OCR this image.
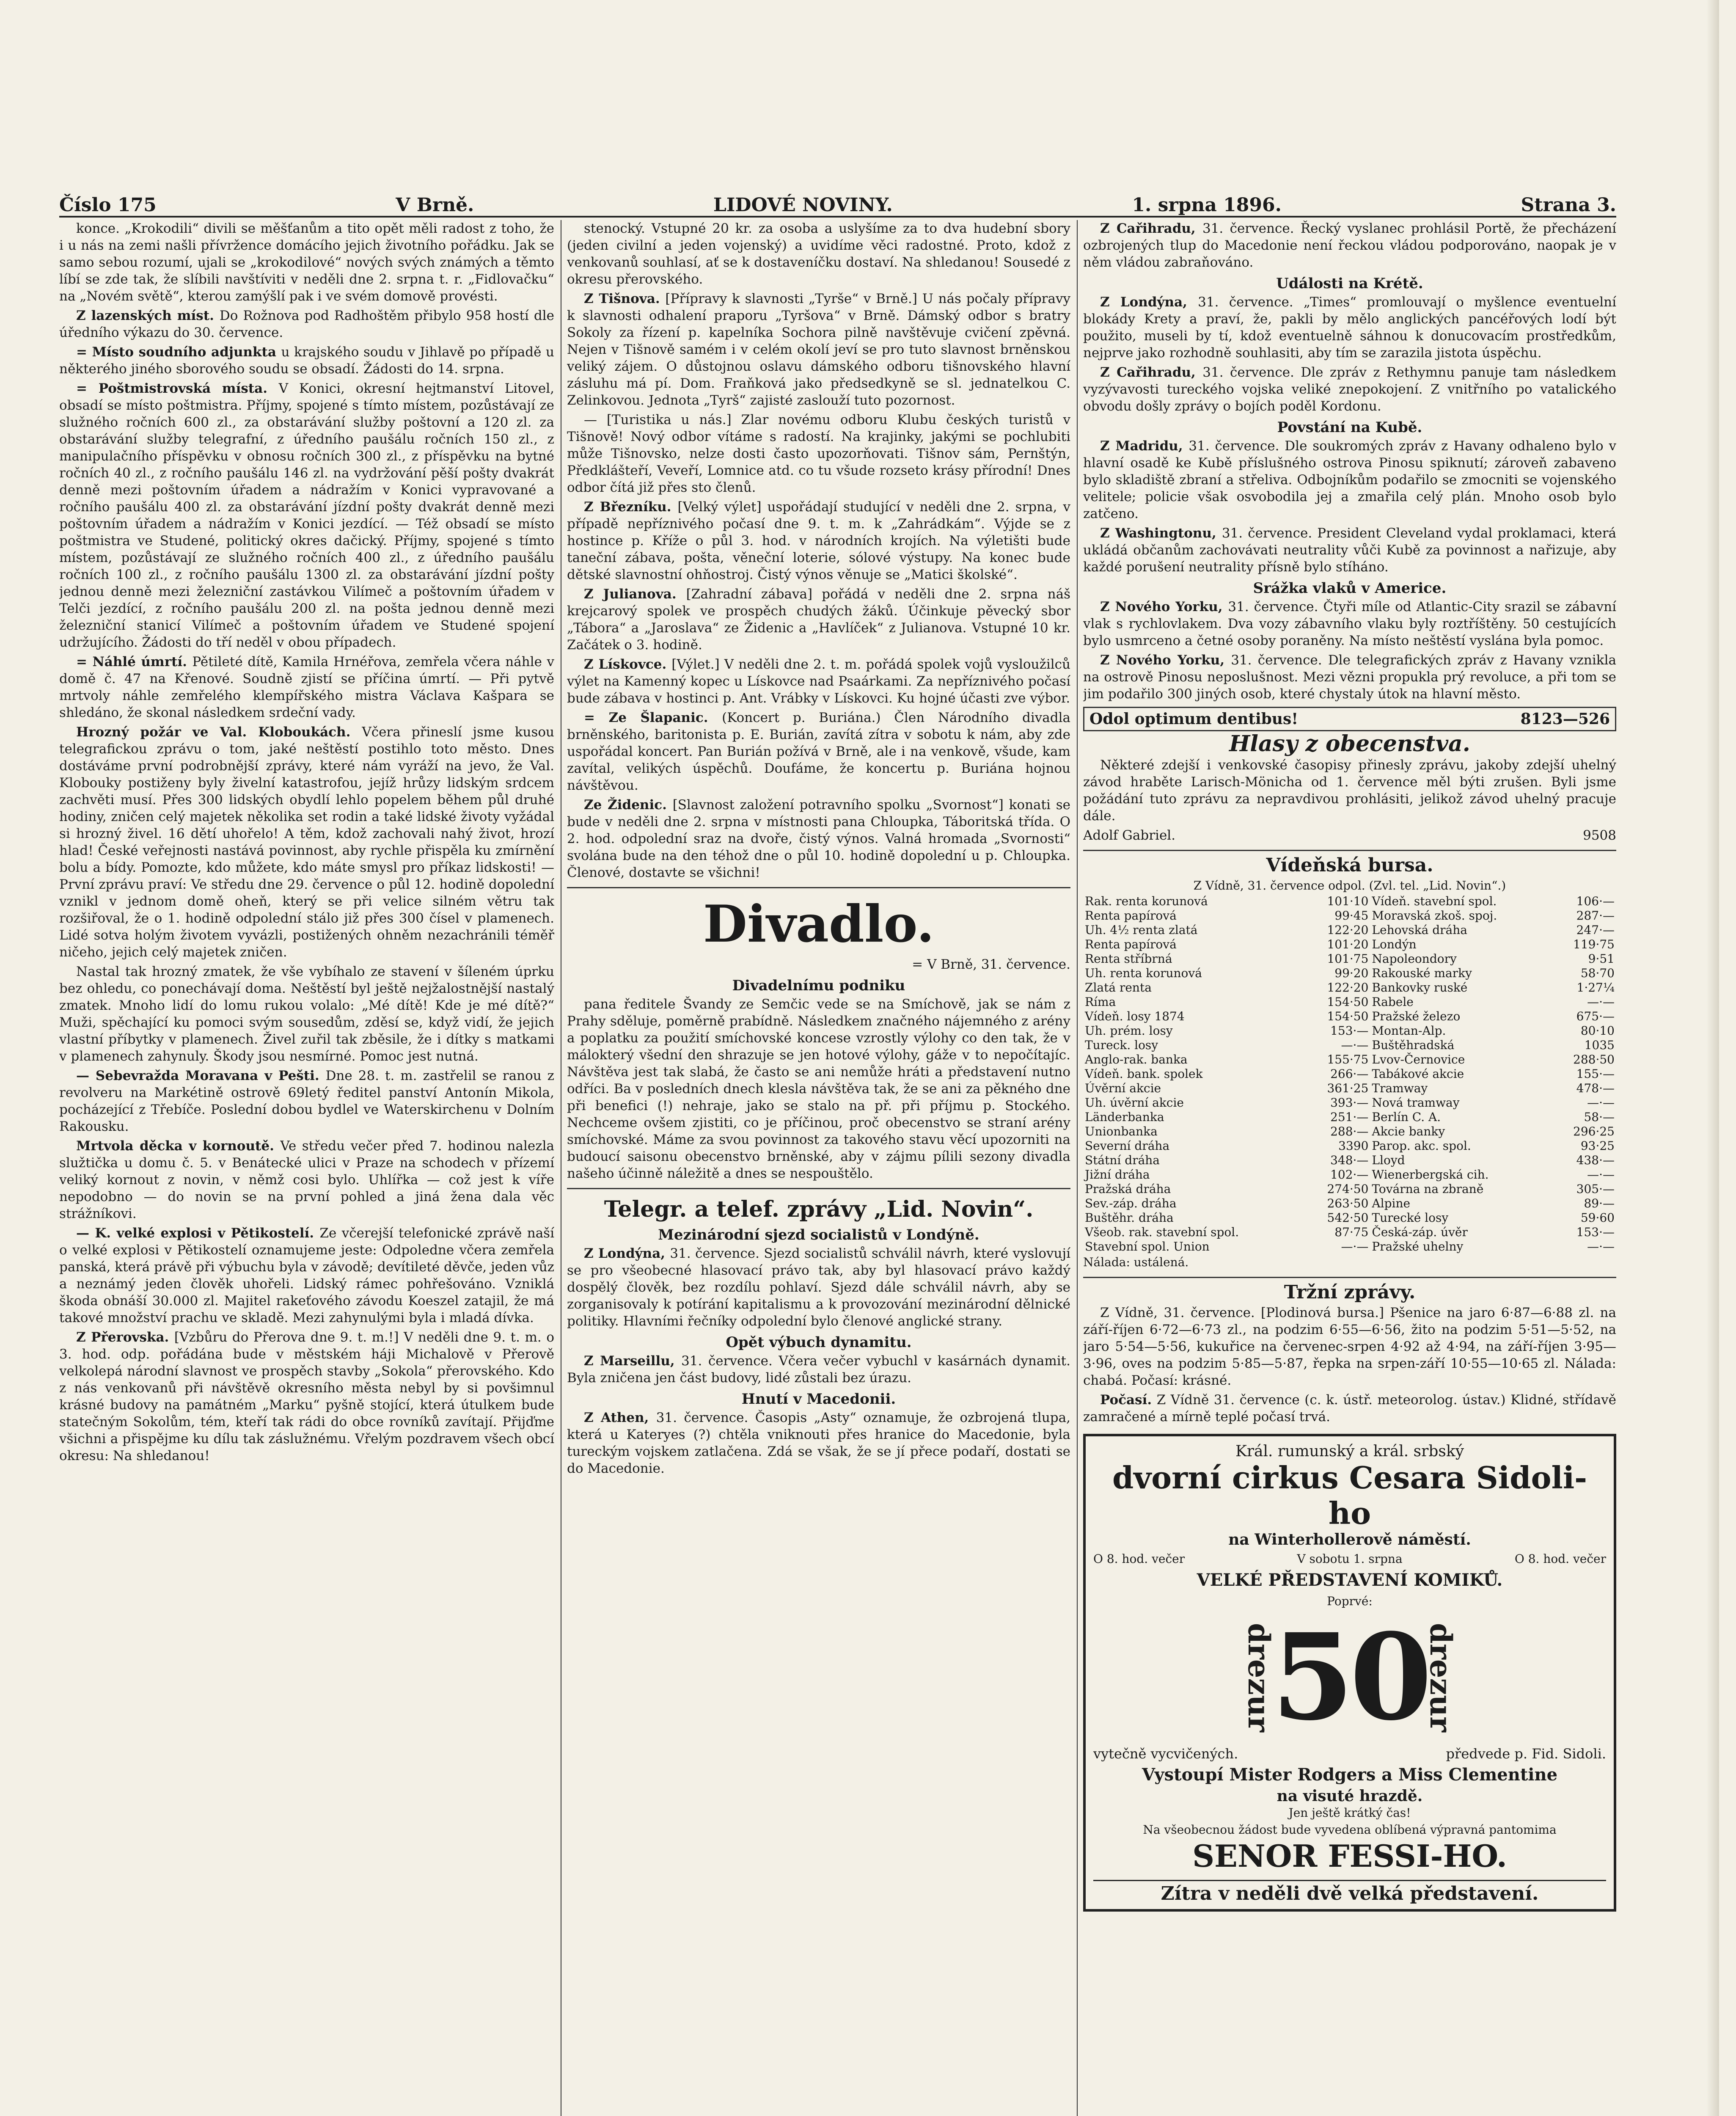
Číslo 175	V Brně.	LIDOVÉ NOVINY.	1. srpna 1896.	Strana 3.

konce. „Krokodili“ divili se měšťanům a tito opět měli radost z toho, že i u nás na zemi našli přívržence domácího jejich životního pořádku. Jak se samo sebou rozumí, ujali se „krokodilové“ nových svých známých a těmto líbí se zde tak, že slíbili navštíviti v neděli dne 2. srpna t. r. „Fidlovačku“ na „Novém světě“, kterou zamýšlí pak i ve svém domově provésti.

Z lazenských míst. Do Rožnova pod Radhoštěm přibylo 958 hostí dle úředního výkazu do 30. července.

= Místo soudního adjunkta u krajského soudu v Jihlavě po případě u některého jiného sborového soudu se obsadí. Žádosti do 14. srpna.

= Poštmistrovská místa. V Konici, okresní hejtmanství Litovel, obsadí se místo poštmistra. Příjmy, spojené s tímto místem, pozůstávají ze služného ročních 600 zl., za obstarávání služby poštovní a 120 zl. za obstarávání služby telegrafní, z úředního paušálu ročních 150 zl., z manipulačního příspěvku v obnosu ročních 300 zl., z příspěvku na bytné ročních 40 zl., z ročního paušálu 146 zl. na vydržování pěší pošty dvakrát denně mezi poštovním úřadem a nádražím v Konici vypravované a ročního paušálu 400 zl. za obstarávání jízdní pošty dvakrát denně mezi poštovním úřadem a nádražím v Konici jezdící. — Též obsadí se místo poštmistra ve Studené, politický okres dačický. Příjmy, spojené s tímto místem, pozůstávají ze služného ročních 400 zl., z úředního paušálu ročních 100 zl., z ročního paušálu 1300 zl. za obstarávání jízdní pošty jednou denně mezi železniční zastávkou Vilímeč a poštovním úřadem v Telči jezdící, z ročního paušálu 200 zl. na pošta jednou denně mezi železniční stanicí Vilímeč a poštovním úřadem ve Studené spojení udržujícího. Žádosti do tří neděl v obou případech.

= Náhlé úmrtí. Pětileté dítě, Kamila Hrnéřova, zemřela včera náhle v domě č. 47 na Křenové. Soudně zjistí se příčina úmrtí. — Při pytvě mrtvoly náhle zemřelého klempířského mistra Václava Kašpara se shledáno, že skonal následkem srdeční vady.

Hrozný požár ve Val. Kloboukách. Včera přineslí jsme kusou telegrafickou zprávu o tom, jaké neštěstí postihlo toto město. Dnes dostáváme první podrobnější zprávy, které nám vyráží na jevo, že Val. Klobouky postiženy byly živelní katastrofou, jejíž hrůzy lidským srdcem zachvěti musí. Přes 300 lidských obydlí lehlo popelem během půl druhé hodiny, zničen celý majetek několika set rodin a také lidské životy vyžádal si hrozný živel. 16 dětí uhořelo! A těm, kdož zachovali nahý život, hrozí hlad! České veřejnosti nastává povinnost, aby rychle přispěla ku zmírnění bolu a bídy. Pomozte, kdo můžete, kdo máte smysl pro příkaz lidskosti! — První zprávu praví: Ve středu dne 29. července o půl 12. hodině dopolední vznikl v jednom domě oheň, který se při velice silném větru tak rozšiřoval, že o 1. hodině odpolední stálo již přes 300 čísel v plamenech. Lidé sotva holým životem vyvázli, postižených ohněm nezachránili téměř ničeho, jejich celý majetek zničen.

Nastal tak hrozný zmatek, že vše vybíhalo ze stavení v šíleném úprku bez ohledu, co ponechávají doma. Neštěstí byl ještě nejžalostnější nastalý zmatek. Mnoho lidí do lomu rukou volalo: „Mé dítě! Kde je mé dítě?“ Muži, spěchající ku pomoci svým sousedům, zděsí se, když vidí, že jejich vlastní příbytky v plamenech. Živel zuřil tak zběsile, že i dítky s matkami v plamenech zahynuly. Škody jsou nesmírné. Pomoc jest nutná.

— Sebevražda Moravana v Pešti. Dne 28. t. m. zastřelil se ranou z revolveru na Markétině ostrově 69letý ředitel panství Antonín Mikola, pocházející z Třebíče. Poslední dobou bydlel ve Waterskirchenu v Dolním Rakousku.

Mrtvola děcka v kornoutě. Ve středu večer před 7. hodinou nalezla služtička u domu č. 5. v Benátecké ulici v Praze na schodech v přízemí veliký kornout z novin, v němž cosi bylo. Uhlířka — což jest k víře nepodobno — do novin se na první pohled a jiná žena dala věc strážníkovi.

— K. velké explosi v Pětikostelí. Ze včerejší telefonické zprávě naší o velké explosi v Pětikostelí oznamujeme jeste: Odpoledne včera zemřela panská, která právě při výbuchu byla v závodě; devítileté děvče, jeden vůz a neznámý jeden člověk uhořeli. Lidský rámec pohřešováno. Vzniklá škoda obnáší 30.000 zl. Majitel rakeťového závodu Koeszel zatajil, že má takové množství prachu ve skladě. Mezi zahynulými byla i mladá dívka.

Z Přerovska. [Vzbůru do Přerova dne 9. t. m.!] V neděli dne 9. t. m. o 3. hod. odp. pořádána bude v městském háji Michalově v Přerově velkolepá národní slavnost ve prospěch stavby „Sokola“ přerovského. Kdo z nás venkovanů při návštěvě okresního města nebyl by si povšimnul krásné budovy na památném „Marku“ pyšně stojící, která útulkem bude statečným Sokolům, tém, kteří tak rádi do obce rovníků zavítají. Přijďme všichni a přispějme ku dílu tak záslužnému. Vřelým pozdravem všech obcí okresu: Na shledanou!

stenocký. Vstupné 20 kr. za osoba a uslyšíme za to dva hudební sbory (jeden civilní a jeden vojenský) a uvidíme věci radostné. Proto, kdož z venkovanů souhlasí, ať se k dostaveníčku dostaví. Na shledanou! Sousedé z okresu přerovského.

Z Tišnova. [Přípravy k slavnosti „Tyrše“ v Brně.] U nás počaly přípravy k slavnosti odhalení praporu „Tyršova“ v Brně. Dámský odbor s bratry Sokoly za řízení p. kapelníka Sochora pilně navštěvuje cvičení zpěvná. Nejen v Tišnově samém i v celém okolí jeví se pro tuto slavnost brněnskou veliký zájem. O důstojnou oslavu dámského odboru tišnovského hlavní zásluhu má pí. Dom. Fraňková jako předsedkyně se sl. jednatelkou C. Zelinkovou. Jednota „Tyrš“ zajisté zaslouží tuto pozornost.

— [Turistika u nás.] Zlar novému odboru Klubu českých turistů v Tišnově! Nový odbor vítáme s radostí. Na krajinky, jakými se pochlubiti může Tišnovsko, nelze dosti často upozorňovati. Tišnov sám, Pernštýn, Předklášteří, Veveří, Lomnice atd. co tu všude rozseto krásy přírodní! Dnes odbor čítá již přes sto členů.

Z Březníku. [Velký výlet] uspořádají studující v neděli dne 2. srpna, v případě nepříznivého počasí dne 9. t. m. k „Zahrádkám“. Výjde se z hostince p. Kříže o půl 3. hod. v národních krojích. Na výletišti bude taneční zábava, pošta, věneční loterie, sólové výstupy. Na konec bude dětské slavnostní ohňostroj. Čistý výnos věnuje se „Matici školské“.

Z Julianova. [Zahradní zábava] pořádá v neděli dne 2. srpna náš krejcarový spolek ve prospěch chudých žáků. Účinkuje pěvecký sbor „Tábora“ a „Jaroslava“ ze Židenic a „Havlíček“ z Julianova. Vstupné 10 kr. Začátek o 3. hodině.

Z Lískovce. [Výlet.] V neděli dne 2. t. m. pořádá spolek vojů vysloužilců výlet na Kamenný kopec u Lískovce nad Psaárkami. Za nepříznivého počasí bude zábava v hostinci p. Ant. Vrábky v Lískovci. Ku hojné účasti zve výbor.

= Ze Šlapanic. (Koncert p. Buriána.) Člen Národního divadla brněnského, baritonista p. E. Burián, zavítá zítra v sobotu k nám, aby zde uspořádal koncert. Pan Burián požívá v Brně, ale i na venkově, všude, kam zavítal, velikých úspěchů. Doufáme, že koncertu p. Buriána hojnou návštěvou.

Ze Židenic. [Slavnost založení potravního spolku „Svornost“] konati se bude v neděli dne 2. srpna v místnosti pana Chloupka, Táboritská třída. O 2. hod. odpolední sraz na dvoře, čistý výnos. Valná hromada „Svornosti“ svolána bude na den téhož dne o půl 10. hodině dopolední u p. Chloupka. Členové, dostavte se všichni!

Divadlo.
= V Brně, 31. července.
Divadelnímu podniku

pana ředitele Švandy ze Semčic vede se na Smíchově, jak se nám z Prahy sděluje, poměrně prabídně. Následkem značného nájemného z arény a poplatku za použití smíchovské koncese vzrostly výlohy co den tak, že v málokterý všední den shrazuje se jen hotové výlohy, gáže v to nepočítajíc. Návštěva jest tak slabá, že často se ani nemůže hráti a představení nutno odříci. Ba v posledních dnech klesla návštěva tak, že se ani za pěkného dne při benefici (!) nehraje, jako se stalo na př. při příjmu p. Stockého. Nechceme ovšem zjistiti, co je příčinou, proč obecenstvo se straní arény smíchovské. Máme za svou povinnost za takového stavu věcí upozorniti na budoucí saisonu obecenstvo brněnské, aby v zájmu pílili sezony divadla našeho účinně náležitě a dnes se nespouštělo.

Telegr. a telef. zprávy „Lid. Novin“.
Mezinárodní sjezd socialistů v Londýně.

Z Londýna, 31. července. Sjezd socialistů schválil návrh, které vyslovují se pro všeobecné hlasovací právo tak, aby byl hlasovací právo každý dospělý člověk, bez rozdílu pohlaví. Sjezd dále schválil návrh, aby se zorganisovaly k potírání kapitalismu a k provozování mezinárodní dělnické politiky. Hlavními řečníky odpolední bylo členové anglické strany.

Opět výbuch dynamitu.

Z Marseillu, 31. července. Včera večer vybuchl v kasárnách dynamit. Byla zničena jen část budovy, lidé zůstali bez úrazu.

Hnutí v Macedonii.

Z Athen, 31. července. Časopis „Asty“ oznamuje, že ozbrojená tlupa, která u Kateryes (?) chtěla vniknouti přes hranice do Macedonie, byla tureckým vojskem zatlačena. Zdá se však, že se jí přece podaří, dostati se do Macedonie.

Z Cařihradu, 31. července. Řecký vyslanec prohlásil Portě, že přecházení ozbrojených tlup do Macedonie není řeckou vládou podporováno, naopak je v něm vládou zabraňováno.

Události na Krétě.

Z Londýna, 31. července. „Times“ promlouvají o myšlence eventuelní blokády Krety a praví, že, pakli by mělo anglických pancéřových lodí být použito, museli by tí, kdož eventuelně sáhnou k donucovacím prostředkům, nejprve jako rozhodně souhlasiti, aby tím se zarazila jistota úspěchu.

Z Cařihradu, 31. července. Dle zpráv z Rethymnu panuje tam následkem vyzývavosti tureckého vojska veliké znepokojení. Z vnitřního po vatalického obvodu došly zprávy o bojích poděl Kordonu.

Povstání na Kubě.

Z Madridu, 31. července. Dle soukromých zpráv z Havany odhaleno bylo v hlavní osadě ke Kubě příslušného ostrova Pinosu spiknutí; zároveň zabaveno bylo skladiště zbraní a střeliva. Odbojníkům podařilo se zmocniti se vojenského velitele; policie však osvobodila jej a zmařila celý plán. Mnoho osob bylo zatčeno.

Z Washingtonu, 31. července. President Cleveland vydal proklamaci, která ukládá občanům zachovávati neutrality vůči Kubě za povinnost a nařizuje, aby každé porušení neutrality přísně bylo stíháno.

Srážka vlaků v Americe.

Z Nového Yorku, 31. července. Čtyři míle od Atlantic-City srazil se zábavní vlak s rychlovlakem. Dva vozy zábavního vlaku byly roztříštěny. 50 cestujících bylo usmrceno a četné osoby poraněny. Na místo neštěstí vyslána byla pomoc.

Z Nového Yorku, 31. července. Dle telegrafických zpráv z Havany vznikla na ostrově Pinosu neposlušnost. Mezi vězni propukla prý revoluce, a při tom se jim podařilo 300 jiných osob, které chystaly útok na hlavní město.

Odol optimum dentibus!	8123—526
Hlasy z obecenstva.

Některé zdejší i venkovské časopisy přinesly zprávu, jakoby zdejší uhelný závod hraběte Larisch-Mönicha od 1. července měl býti zrušen. Byli jsme požádání tuto zprávu za nepravdivou prohlásiti, jelikož závod uhelný pracuje dále.

Adolf Gabriel.	9508
Vídeňská bursa.
Z Vídně, 31. července odpol. (Zvl. tel. „Lid. Novin“.)
Rak. renta korunová	101·10	Vídeň. stavební spol.	106·—
Renta papírová	99·45	Moravská zkoš. spoj.	287·—
Uh. 4½ renta zlatá	122·20	Lehovská dráha	247·—
Renta papírová	101·20	Londýn	119·75
Renta stříbrná	101·75	Napoleondory	9·51
Uh. renta korunová	99·20	Rakouské marky	58·70
Zlatá renta	122·20	Bankovky ruské	1·27¼
Ríma	154·50	Rabele	—·—
Vídeň. losy 1874	154·50	Pražské železo	675·—
Uh. prém. losy	153·—	Montan-Alp.	80·10
Tureck. losy	—·—	Buštěhradská	1035
Anglo-rak. banka	155·75	Lvov-Černovice	288·50
Vídeň. bank. spolek	266·—	Tabákové akcie	155·—
Úvěrní akcie	361·25	Tramway	478·—
Uh. úvěrní akcie	393·—	Nová tramway	—·—
Länderbanka	251·—	Berlín C. A.	58·—
Unionbanka	288·—	Akcie banky	296·25
Severní dráha	3390	Parop. akc. spol.	93·25
Státní dráha	348·—	Lloyd	438·—
Jižní dráha	102·—	Wienerbergská cih.	—·—
Pražská dráha	274·50	Továrna na zbraně	305·—
Sev.-záp. dráha	263·50	Alpine	89·—
Buštěhr. dráha	542·50	Turecké losy	59·60
Všeob. rak. stavební spol.	87·75	Česká-záp. úvěr	153·—
Stavební spol. Union	—·—	Pražské uhelny	—·—
Nálada: ustálená.
Tržní zprávy.

Z Vídně, 31. července. [Plodinová bursa.] Pšenice na jaro 6·87—6·88 zl. na září-říjen 6·72—6·73 zl., na podzim 6·55—6·56, žito na podzim 5·51—5·52, na jaro 5·54—5·56, kukuřice na červenec-srpen 4·92 až 4·94, na září-říjen 3·95—3·96, oves na podzim 5·85—5·87, řepka na srpen-září 10·55—10·65 zl. Nálada: chabá. Počasí: krásné.

Počasí. Z Vídně 31. července (c. k. ústř. meteorolog. ústav.) Klidné, střídavě zamračené a mírně teplé počasí trvá.

Král. rumunský a král. srbský
dvorní cirkus Cesara Sidoli-ho
na Winterhollerově náměstí.
O 8. hod. večer	V sobotu 1. srpna	O 8. hod. večer
VELKÉ PŘEDSTAVENÍ KOMIKŮ.
Poprvé:
drezur
50
drezur
vytečně vycvičených.	předvede p. Fid. Sidoli.
Vystoupí Mister Rodgers a Miss Clementine
na visuté hrazdě.
Jen ještě krátký čas!
Na všeobecnou žádost bude vyvedena oblíbená výpravná pantomima
SENOR FESSI-HO.
Zítra v neděli dvě velká představení.
